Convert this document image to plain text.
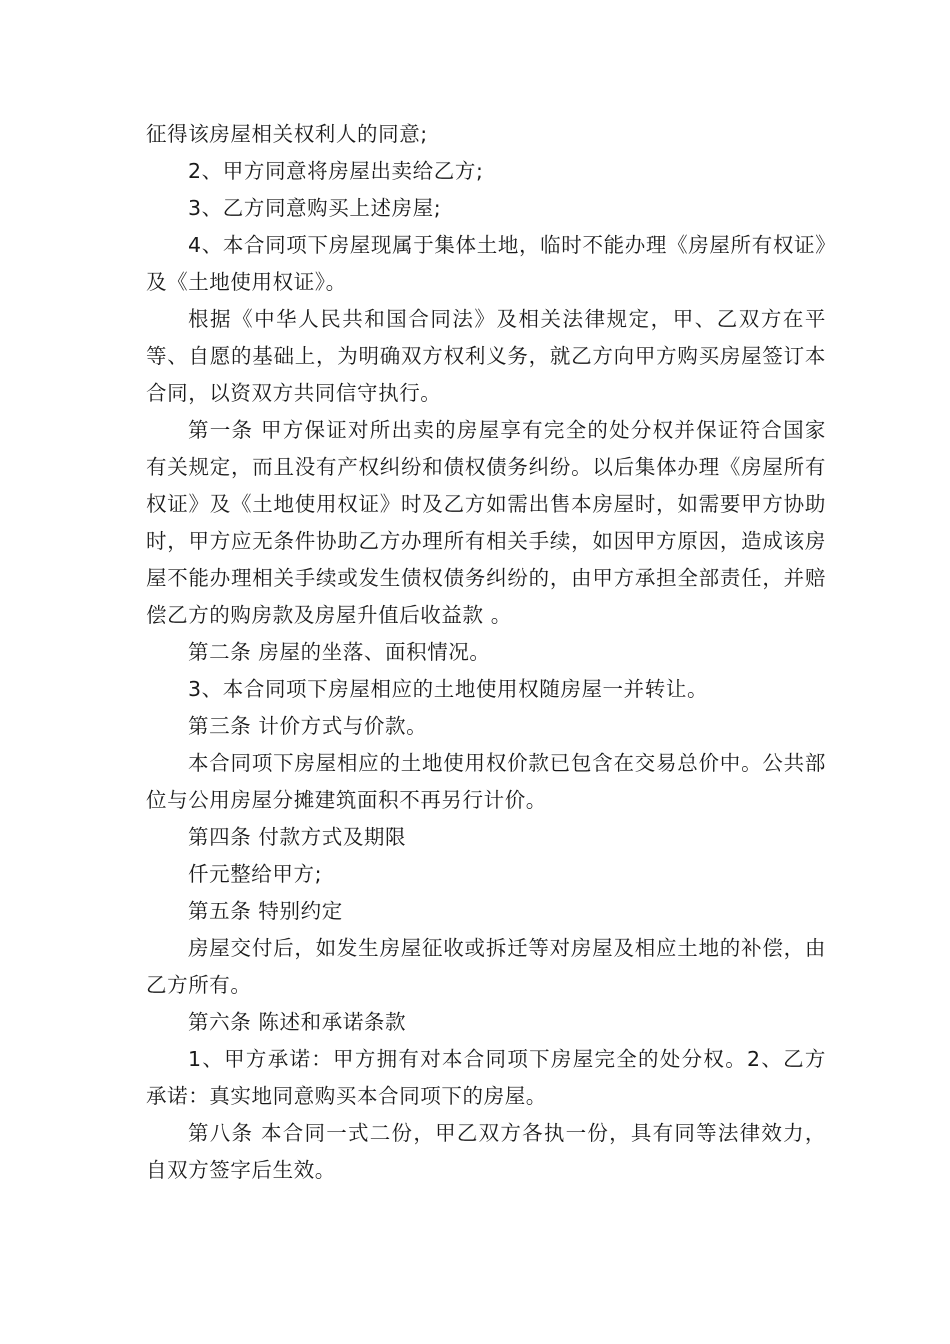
征得该房屋相关权利人的同意;

2、甲方同意将房屋出卖给乙方;

3、乙方同意购买上述房屋;

4、本合同项下房屋现属于集体土地，临时不能办理《房屋所有权证》及《土地使用权证》。

根据《中华人民共和国合同法》及相关法律规定，甲、乙双方在平等、自愿的基础上，为明确双方权利义务，就乙方向甲方购买房屋签订本合同，以资双方共同信守执行。

第一条 甲方保证对所出卖的房屋享有完全的处分权并保证符合国家有关规定，而且没有产权纠纷和债权债务纠纷。以后集体办理《房屋所有权证》及《土地使用权证》时及乙方如需出售本房屋时，如需要甲方协助时，甲方应无条件协助乙方办理所有相关手续，如因甲方原因，造成该房屋不能办理相关手续或发生债权债务纠纷的，由甲方承担全部责任，并赔偿乙方的购房款及房屋升值后收益款 。

第二条 房屋的坐落、面积情况。

3、本合同项下房屋相应的土地使用权随房屋一并转让。

第三条 计价方式与价款。

本合同项下房屋相应的土地使用权价款已包含在交易总价中。公共部位与公用房屋分摊建筑面积不再另行计价。

第四条 付款方式及期限

仟元整给甲方;

第五条 特别约定

房屋交付后，如发生房屋征收或拆迁等对房屋及相应土地的补偿，由乙方所有。

第六条 陈述和承诺条款

1、甲方承诺：甲方拥有对本合同项下房屋完全的处分权。2、乙方承诺：真实地同意购买本合同项下的房屋。

第八条 本合同一式二份，甲乙双方各执一份，具有同等法律效力，自双方签字后生效。
